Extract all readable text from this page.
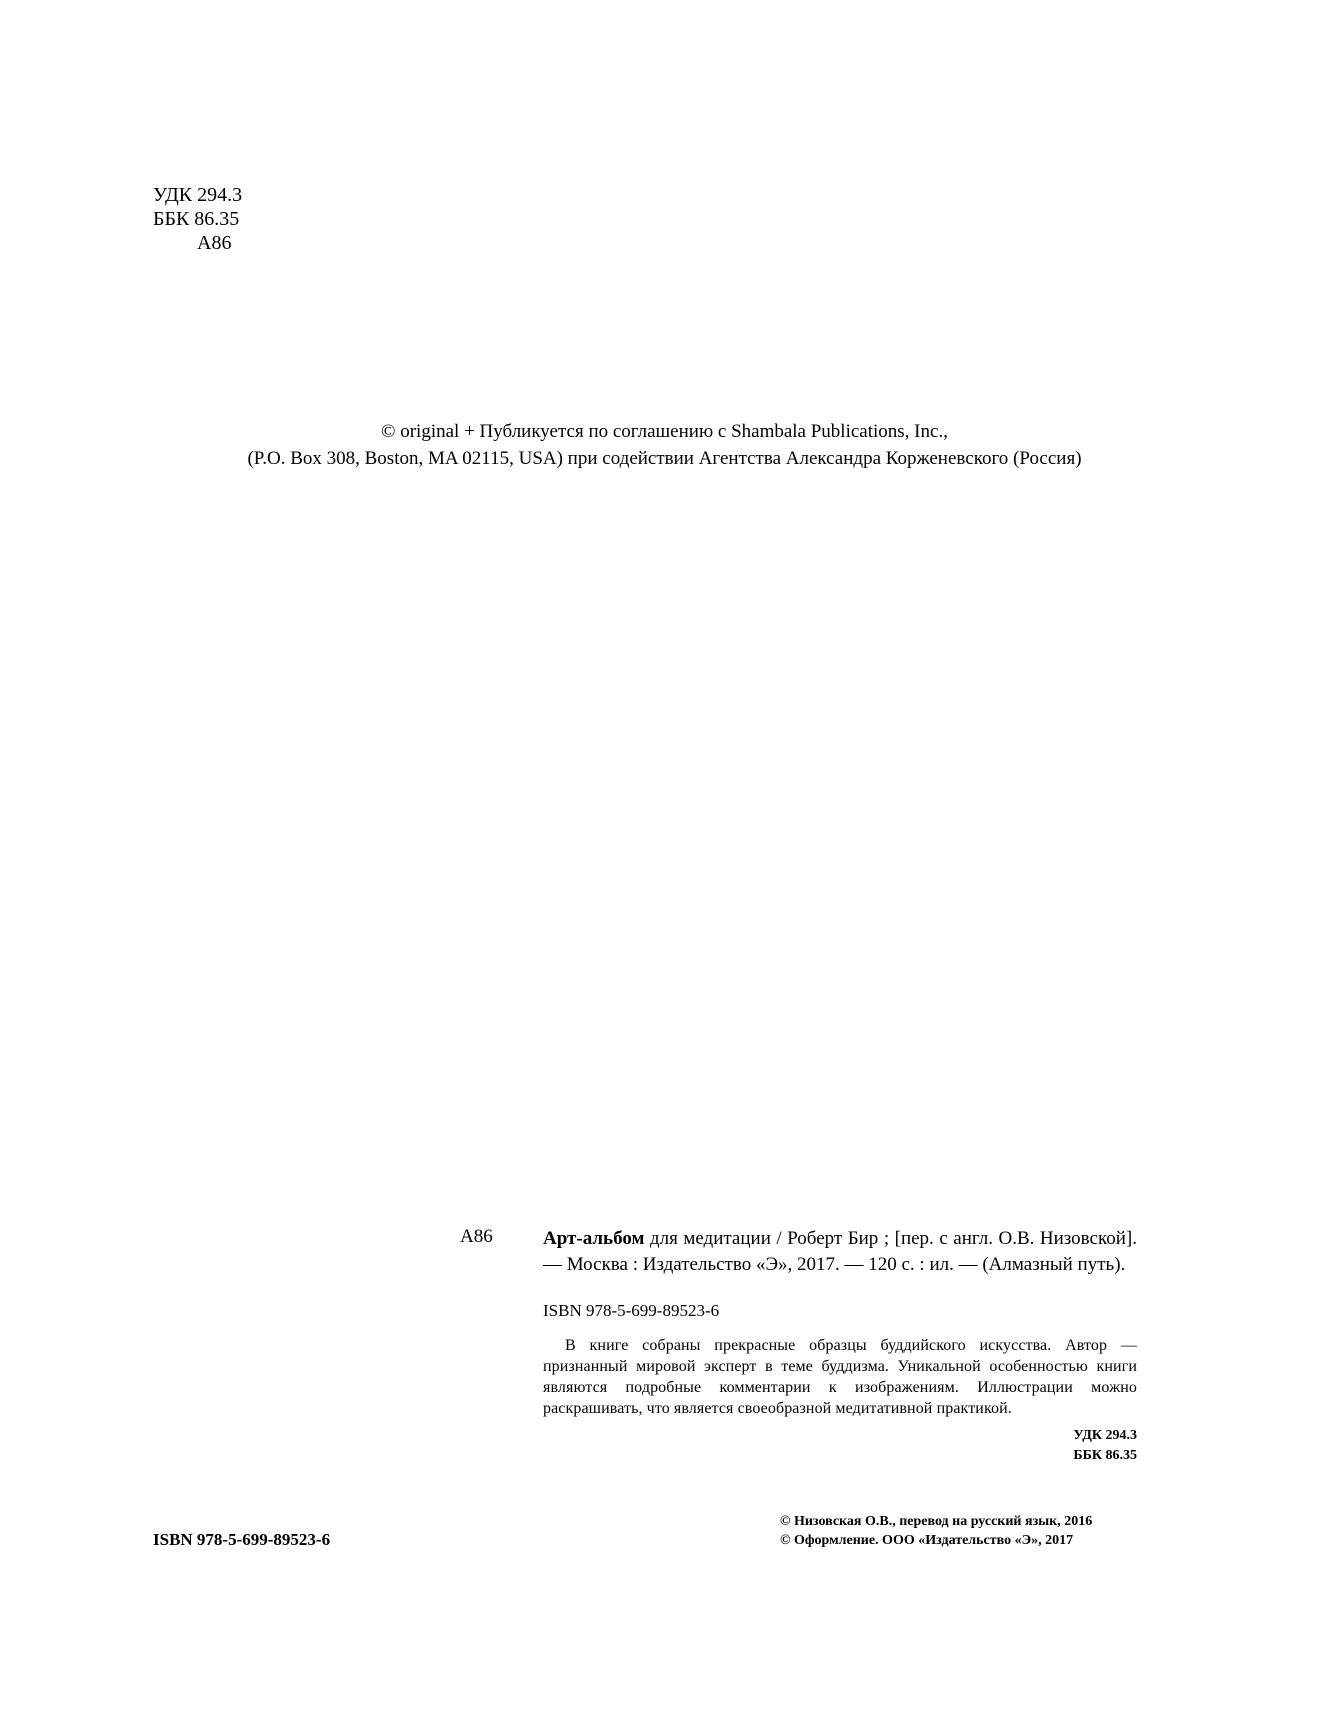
УДК 294.3
ББК 86.35
А86
© original + Публикуется по соглашению с Shambala Publications, Inc.,
(P.O. Box 308, Boston, MA 02115, USA) при содействии Агентства Александра Корженевского (Россия)
А86	Арт-альбом для медитации / Роберт Бир ; [пер. с англ. О.В. Низовской]. — Москва : Издательство «Э», 2017. — 120 с. : ил. — (Алмазный путь).
ISBN 978-5-699-89523-6
В книге собраны прекрасные образцы буддийского искусства. Автор — признанный мировой эксперт в теме буддизма. Уникальной особенностью книги являются подробные комментарии к изображениям. Иллюстрации можно раскрашивать, что является своеобразной медитативной практикой.
УДК 294.3
ББК 86.35
ISBN 978-5-699-89523-6
© Низовская О.В., перевод на русский язык, 2016
© Оформление. ООО «Издательство «Э», 2017
